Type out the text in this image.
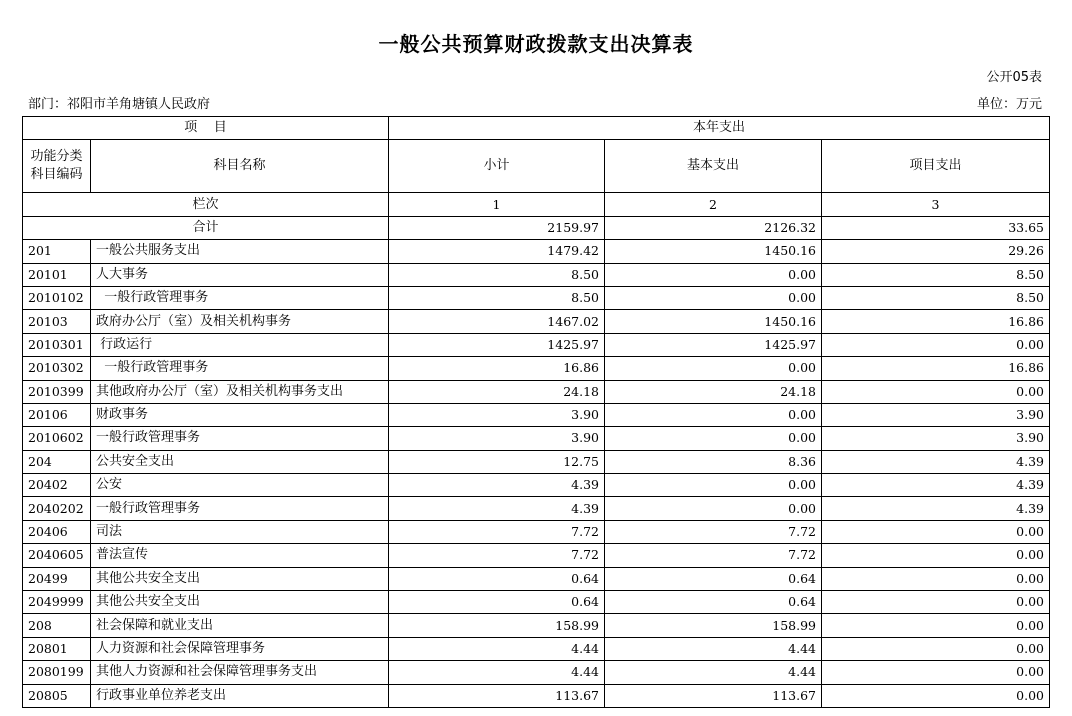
一般公共预算财政拨款支出决算表
公开05表
部门：祁阳市羊角塘镇人民政府	单位：万元
项    目		本年支出		
功能分类科目编码	科目名称	小计	基本支出	项目支出
栏次		1	2	3
合计		2159.97	2126.32	33.65
201	一般公共服务支出	1479.42	1450.16	29.26
20101	人大事务	8.50	0.00	8.50
2010102	一般行政管理事务	8.50	0.00	8.50
20103	政府办公厅（室）及相关机构事务	1467.02	1450.16	16.86
2010301	行政运行	1425.97	1425.97	0.00
2010302	一般行政管理事务	16.86	0.00	16.86
2010399	其他政府办公厅（室）及相关机构事务支出	24.18	24.18	0.00
20106	财政事务	3.90	0.00	3.90
2010602	一般行政管理事务	3.90	0.00	3.90
204	公共安全支出	12.75	8.36	4.39
20402	公安	4.39	0.00	4.39
2040202	一般行政管理事务	4.39	0.00	4.39
20406	司法	7.72	7.72	0.00
2040605	普法宣传	7.72	7.72	0.00
20499	其他公共安全支出	0.64	0.64	0.00
2049999	其他公共安全支出	0.64	0.64	0.00
208	社会保障和就业支出	158.99	158.99	0.00
20801	人力资源和社会保障管理事务	4.44	4.44	0.00
2080199	其他人力资源和社会保障管理事务支出	4.44	4.44	0.00
20805	行政事业单位养老支出	113.67	113.67	0.00
